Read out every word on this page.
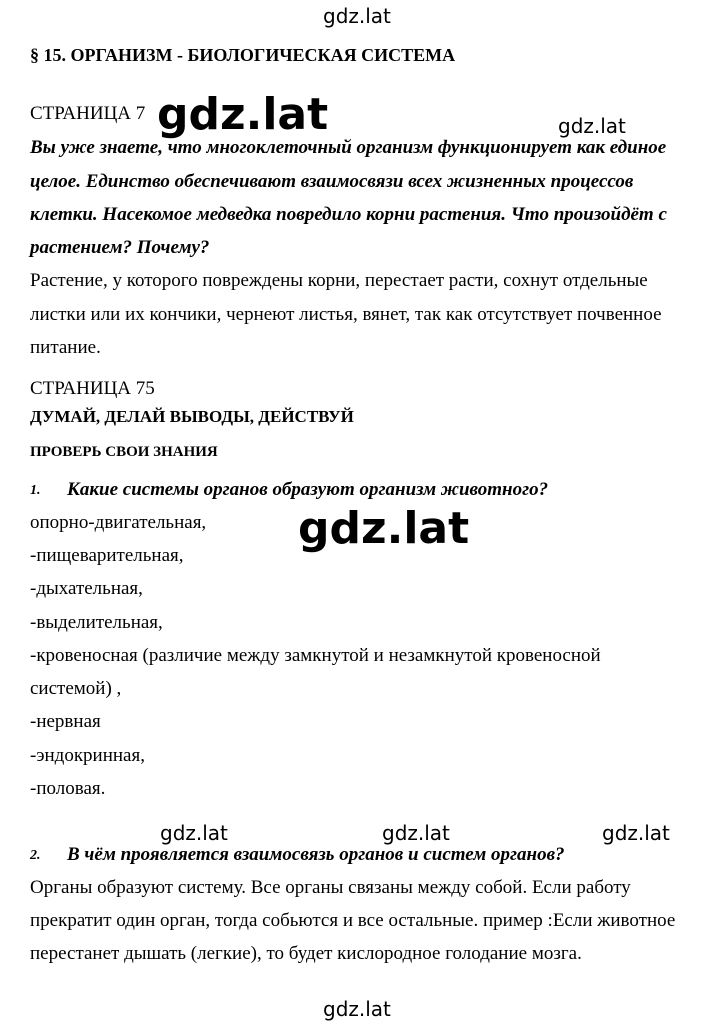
gdz.lat
§ 15. ОРГАНИЗМ - БИОЛОГИЧЕСКАЯ СИСТЕМА
СТРАНИЦА 7 gdz.lat	gdz.lat
Вы уже знаете, что многоклеточный организм функционирует как единое
целое. Единство обеспечивают взаимосвязи всех жизненных процессов
клетки. Насекомое медведка повредило корни растения. Что произойдёт с
растением? Почему?
Растение, у которого повреждены корни, перестает расти, сохнут отдельные
листки или их кончики, чернеют листья, вянет, так как отсутствует почвенное
питание.
СТРАНИЦА 75
ДУМАЙ, ДЕЛАЙ ВЫВОДЫ, ДЕЙСТВУЙ
ПРОВЕРЬ СВОИ ЗНАНИЯ
1. Какие системы органов образуют организм животного?
опорно-двигательная, gdz.lat
-пищеварительная,
-дыхательная,
-выделительная,
-кровеносная (различие между замкнутой и незамкнутой кровеносной
системой) ,
-нервная
-эндокринная,
-половая.
gdz.lat	gdz.lat	gdz.lat
2. В чём проявляется взаимосвязь органов и систем органов?
Органы образуют систему. Все органы связаны между собой. Если работу
прекратит один орган, тогда собьются и все остальные. пример :Если животное
перестанет дышать (легкие), то будет кислородное голодание мозга.
gdz.lat
